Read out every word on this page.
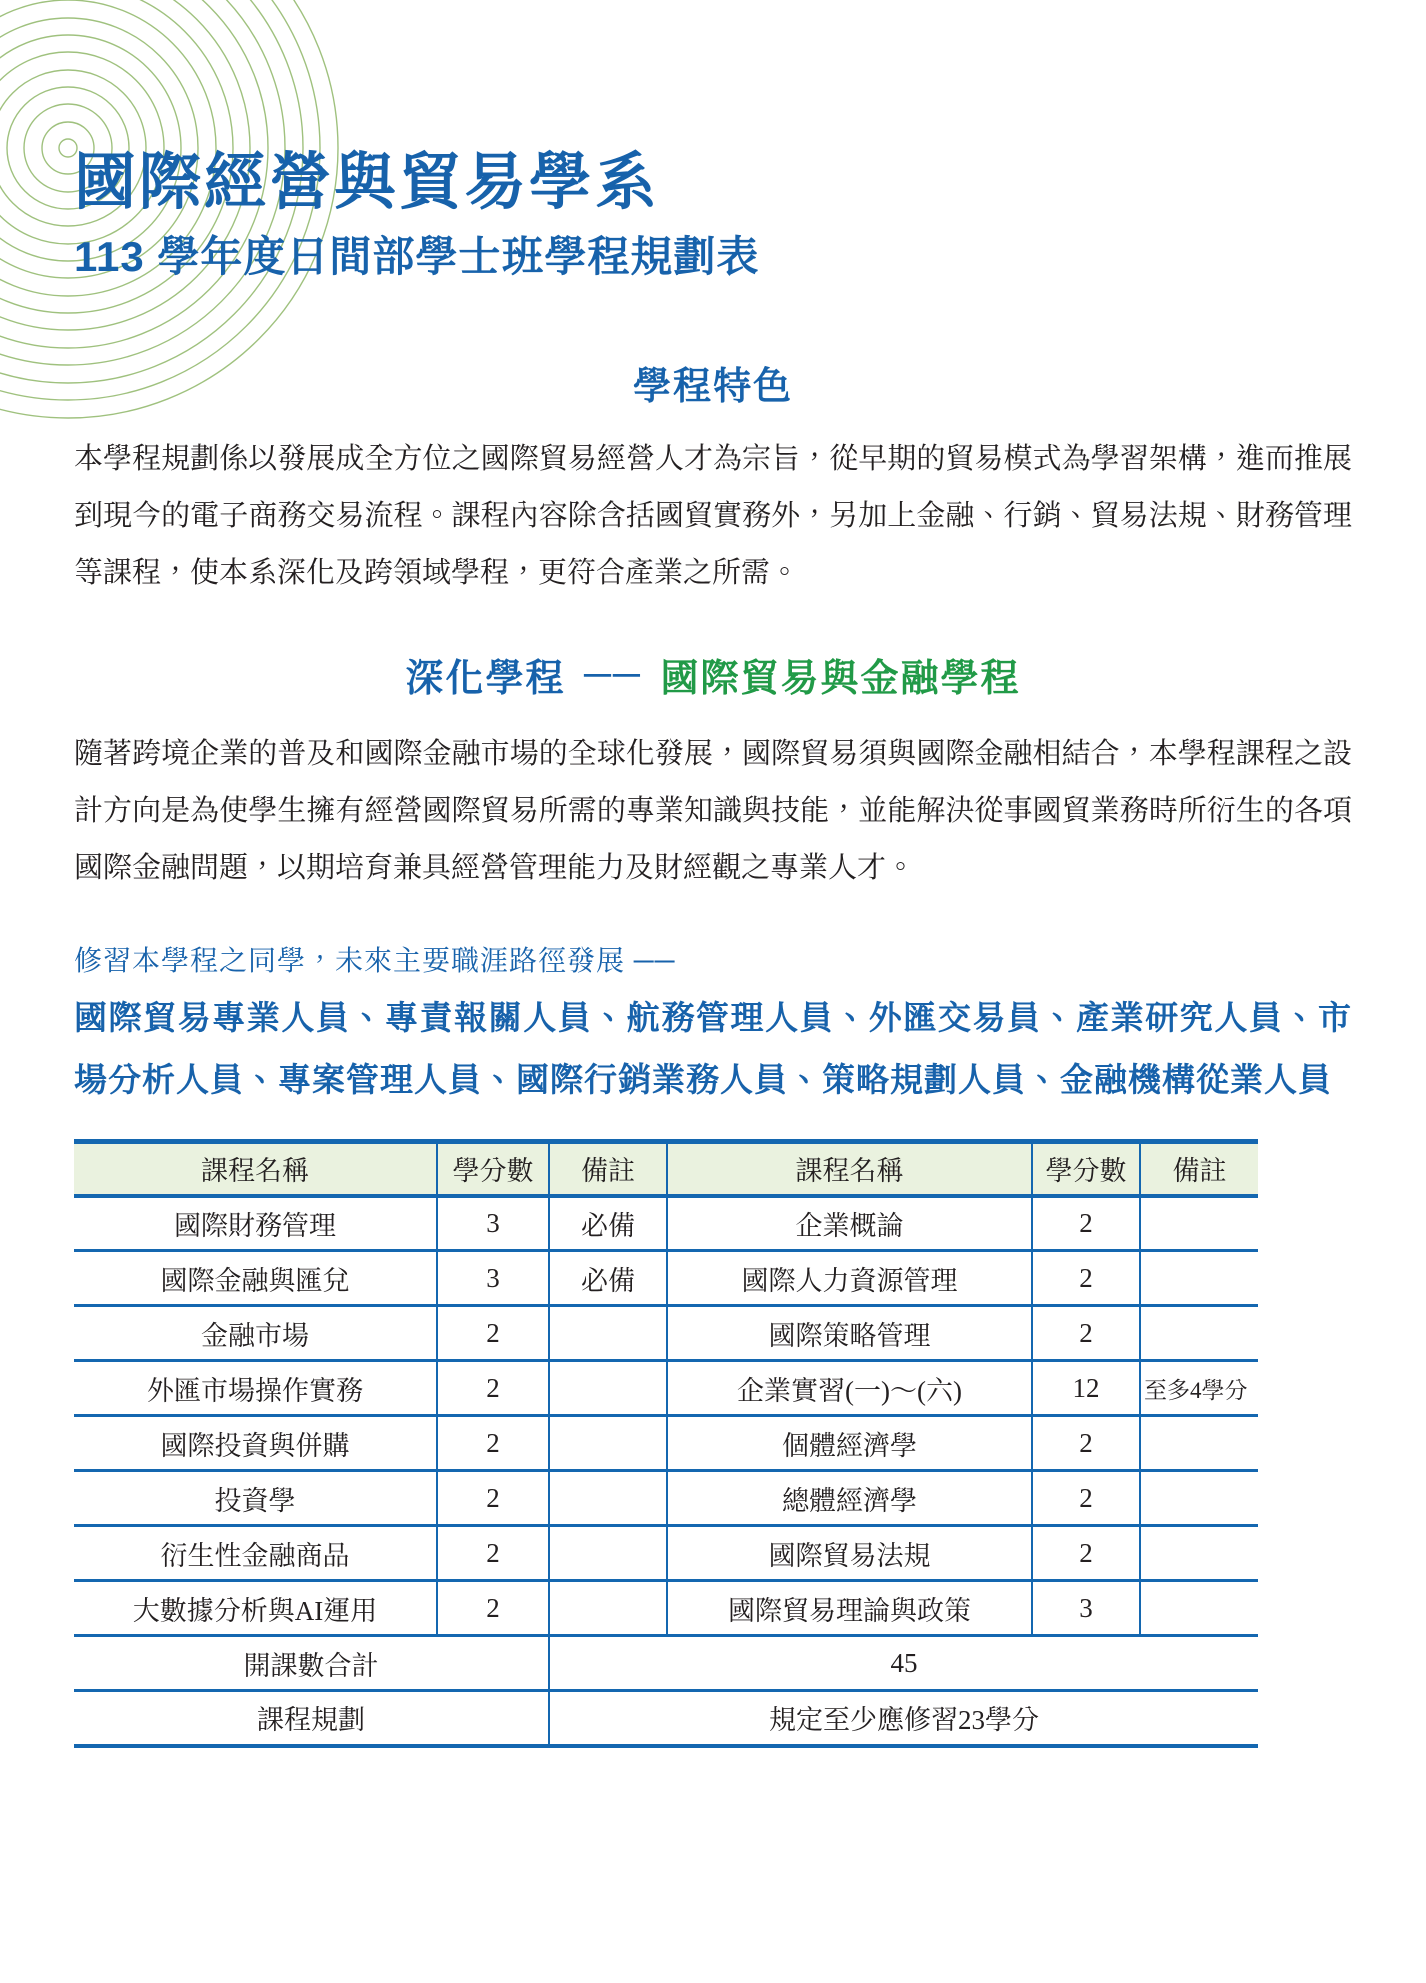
國際經營與貿易學系
113 學年度日間部學士班學程規劃表
學程特色

本學程規劃係以發展成全方位之國際貿易經營人才為宗旨，從早期的貿易模式為學習架構，進而推展到現今的電子商務交易流程。課程內容除含括國貿實務外，另加上金融、行銷、貿易法規、財務管理等課程，使本系深化及跨領域學程，更符合產業之所需。

深化學程 ── 國際貿易與金融學程

隨著跨境企業的普及和國際金融市場的全球化發展，國際貿易須與國際金融相結合，本學程課程之設計方向是為使學生擁有經營國際貿易所需的專業知識與技能，並能解決從事國貿業務時所衍生的各項國際金融問題，以期培育兼具經營管理能力及財經觀之專業人才。

修習本學程之同學，未來主要職涯路徑發展 ──

國際貿易專業人員、專責報關人員、航務管理人員、外匯交易員、產業研究人員、市場分析人員、專案管理人員、國際行銷業務人員、策略規劃人員、金融機構從業人員

課程名稱	學分數	備註	課程名稱	學分數	備註
國際財務管理	3	必備	企業概論	2	
國際金融與匯兌	3	必備	國際人力資源管理	2	
金融市場	2		國際策略管理	2	
外匯市場操作實務	2		企業實習(一)～(六)	12	至多4學分
國際投資與併購	2		個體經濟學	2	
投資學	2		總體經濟學	2	
衍生性金融商品	2		國際貿易法規	2	
大數據分析與AI運用	2		國際貿易理論與政策	3	
開課數合計		45			
課程規劃		規定至少應修習23學分			
